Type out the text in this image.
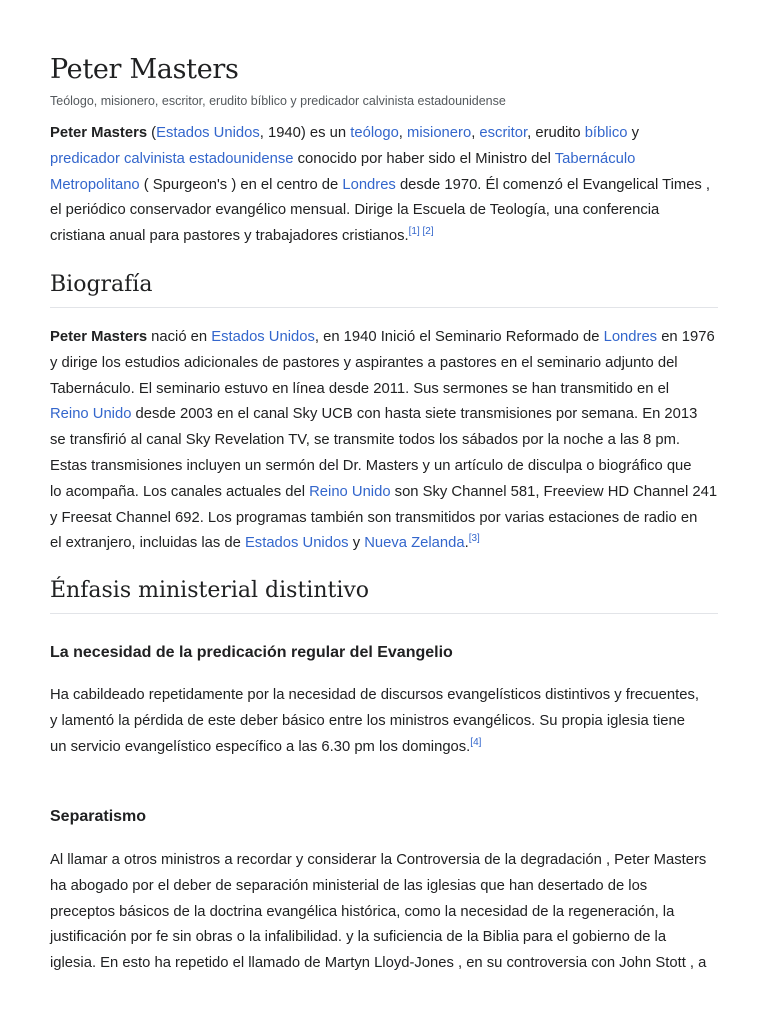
Peter Masters

Teólogo, misionero, escritor, erudito bíblico y predicador calvinista estadounidense

Peter Masters (Estados Unidos, 1940) es un teólogo, misionero, escritor, erudito bíblico y
predicador calvinista estadounidense conocido por haber sido el Ministro del Tabernáculo
Metropolitano ( Spurgeon's ) en el centro de Londres desde 1970. Él comenzó el Evangelical Times ,
el periódico conservador evangélico mensual. Dirige la Escuela de Teología, una conferencia
cristiana anual para pastores y trabajadores cristianos.[1] [2]

Biografía

Peter Masters nació en Estados Unidos, en 1940 Inició el Seminario Reformado de Londres en 1976
y dirige los estudios adicionales de pastores y aspirantes a pastores en el seminario adjunto del
Tabernáculo. El seminario estuvo en línea desde 2011. Sus sermones se han transmitido en el
Reino Unido desde 2003 en el canal Sky UCB con hasta siete transmisiones por semana. En 2013
se transfirió al canal Sky Revelation TV, se transmite todos los sábados por la noche a las 8 pm.
Estas transmisiones incluyen un sermón del Dr. Masters y un artículo de disculpa o biográfico que
lo acompaña. Los canales actuales del Reino Unido son Sky Channel 581, Freeview HD Channel 241
y Freesat Channel 692. Los programas también son transmitidos por varias estaciones de radio en
el extranjero, incluidas las de Estados Unidos y Nueva Zelanda.[3]

Énfasis ministerial distintivo
La necesidad de la predicación regular del Evangelio

Ha cabildeado repetidamente por la necesidad de discursos evangelísticos distintivos y frecuentes,
y lamentó la pérdida de este deber básico entre los ministros evangélicos. Su propia iglesia tiene
un servicio evangelístico específico a las 6.30 pm los domingos.[4]

Separatismo

Al llamar a otros ministros a recordar y considerar la Controversia de la degradación , Peter Masters
ha abogado por el deber de separación ministerial de las iglesias que han desertado de los
preceptos básicos de la doctrina evangélica histórica, como la necesidad de la regeneración, la
justificación por fe sin obras o la infalibilidad. y la suficiencia de la Biblia para el gobierno de la
iglesia. En esto ha repetido el llamado de Martyn Lloyd-Jones , en su controversia con John Stott , a
